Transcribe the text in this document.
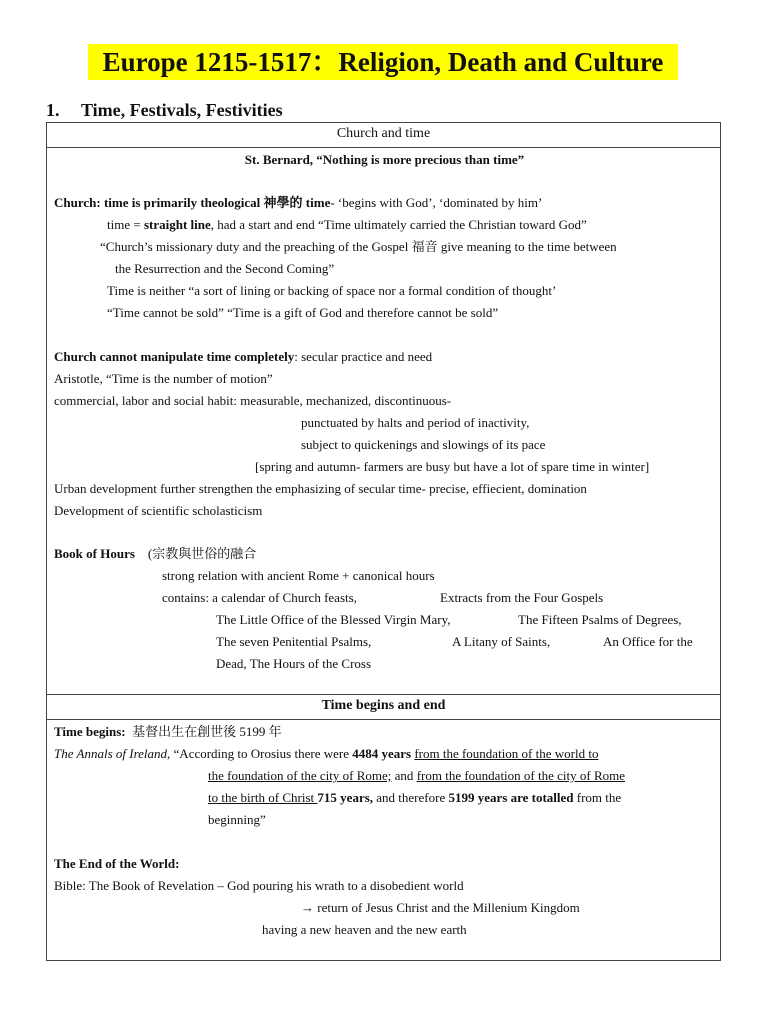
Europe 1215-1517：Religion, Death and Culture
1. Time, Festivals, Festivities
Church and time

St. Bernard, “Nothing is more precious than time”
Church: time is primarily theological 神學的 time- ‘begins with God’, ‘dominated by him’
time = straight line, had a start and end “Time ultimately carried the Christian toward God”
“Church’s missionary duty and the preaching of the Gospel 福音 give meaning to the time between
the Resurrection and the Second Coming”
Time is neither “a sort of lining or backing of space nor a formal condition of thought’
“Time cannot be sold” “Time is a gift of God and therefore cannot be sold”
Church cannot manipulate time completely: secular practice and need
Aristotle, “Time is the number of motion”
commercial, labor and social habit: measurable, mechanized, discontinuous-
punctuated by halts and period of inactivity,
subject to quickenings and slowings of its pace
[spring and autumn- farmers are busy but have a lot of spare time in winter]
Urban development further strengthen the emphasizing of secular time- precise, effiecient, domination
Development of scientific scholasticism
Book of Hours (宗教與世俗的融合
strong relation with ancient Rome + canonical hours
contains: a calendar of Church feasts,	Extracts from the Four Gospels
The Little Office of the Blessed Virgin Mary,	The Fifteen Psalms of Degrees,
The seven Penitential Psalms,	A Litany of Saints,	An Office for the
Dead, The Hours of the Cross

Time begins and end

Time begins: 基督出生在創世後 5199 年
The Annals of Ireland, “According to Orosius there were 4484 years from the foundation of the world to
the foundation of the city of Rome; and from the foundation of the city of Rome
to the birth of Christ 715 years, and therefore 5199 years are totalled from the
beginning”
The End of the World:
Bible: The Book of Revelation – God pouring his wrath to a disobedient world
→ return of Jesus Christ and the Millenium Kingdom
having a new heaven and the new earth
